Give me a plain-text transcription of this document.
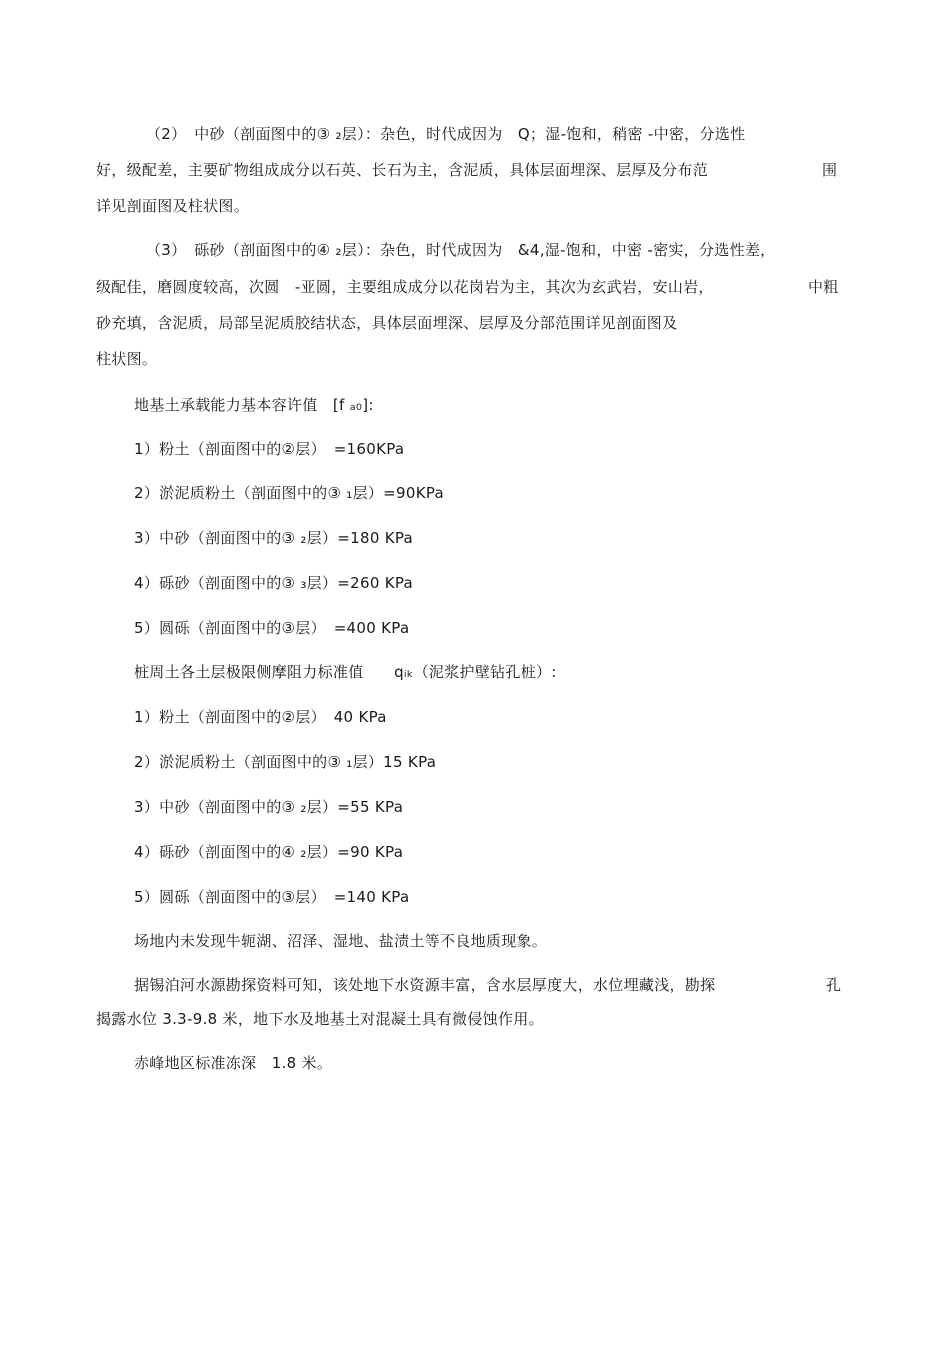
（2）　中砂（剖面图中的③ ₂层）：杂色，时代成因为　Q；湿-饱和，稍密 -中密，分选性
好，级配差，主要矿物组成成分以石英、长石为主，含泥质，具体层面埋深、层厚及分布范	围
详见剖面图及柱状图。
（3）　砾砂（剖面图中的④ ₂层）：杂色，时代成因为　&4,湿-饱和，中密 -密实，分选性差，
级配佳，磨圆度较高，次圆　-亚圆，主要组成成分以花岗岩为主，其次为玄武岩，安山岩，	中粗
砂充填，含泥质，局部呈泥质胶结状态，具体层面埋深、层厚及分部范围详见剖面图及
柱状图。
地基土承载能力基本容许值　[f ₐ₀]:
1）粉土（剖面图中的②层）　=160KPa
2）淤泥质粉土（剖面图中的③ ₁层）=90KPa
3）中砂（剖面图中的③ ₂层）=180 KPa
4）砾砂（剖面图中的③ ₃层）=260 KPa
5）圆砾（剖面图中的③层）　=400 KPa
桩周土各土层极限侧摩阻力标准值　　qᵢₖ（泥浆护壁钻孔桩）:
1）粉土（剖面图中的②层）　40 KPa
2）淤泥质粉土（剖面图中的③ ₁层）15 KPa
3）中砂（剖面图中的③ ₂层）=55 KPa
4）砾砂（剖面图中的④ ₂层）=90 KPa
5）圆砾（剖面图中的③层）　=140 KPa
场地内未发现牛轭湖、沼泽、湿地、盐渍土等不良地质现象。
据锡泊河水源勘探资料可知，该处地下水资源丰富，含水层厚度大，水位埋藏浅，勘探	孔
揭露水位 3.3-9.8 米，地下水及地基土对混凝土具有微侵蚀作用。
赤峰地区标准冻深　1.8 米。
